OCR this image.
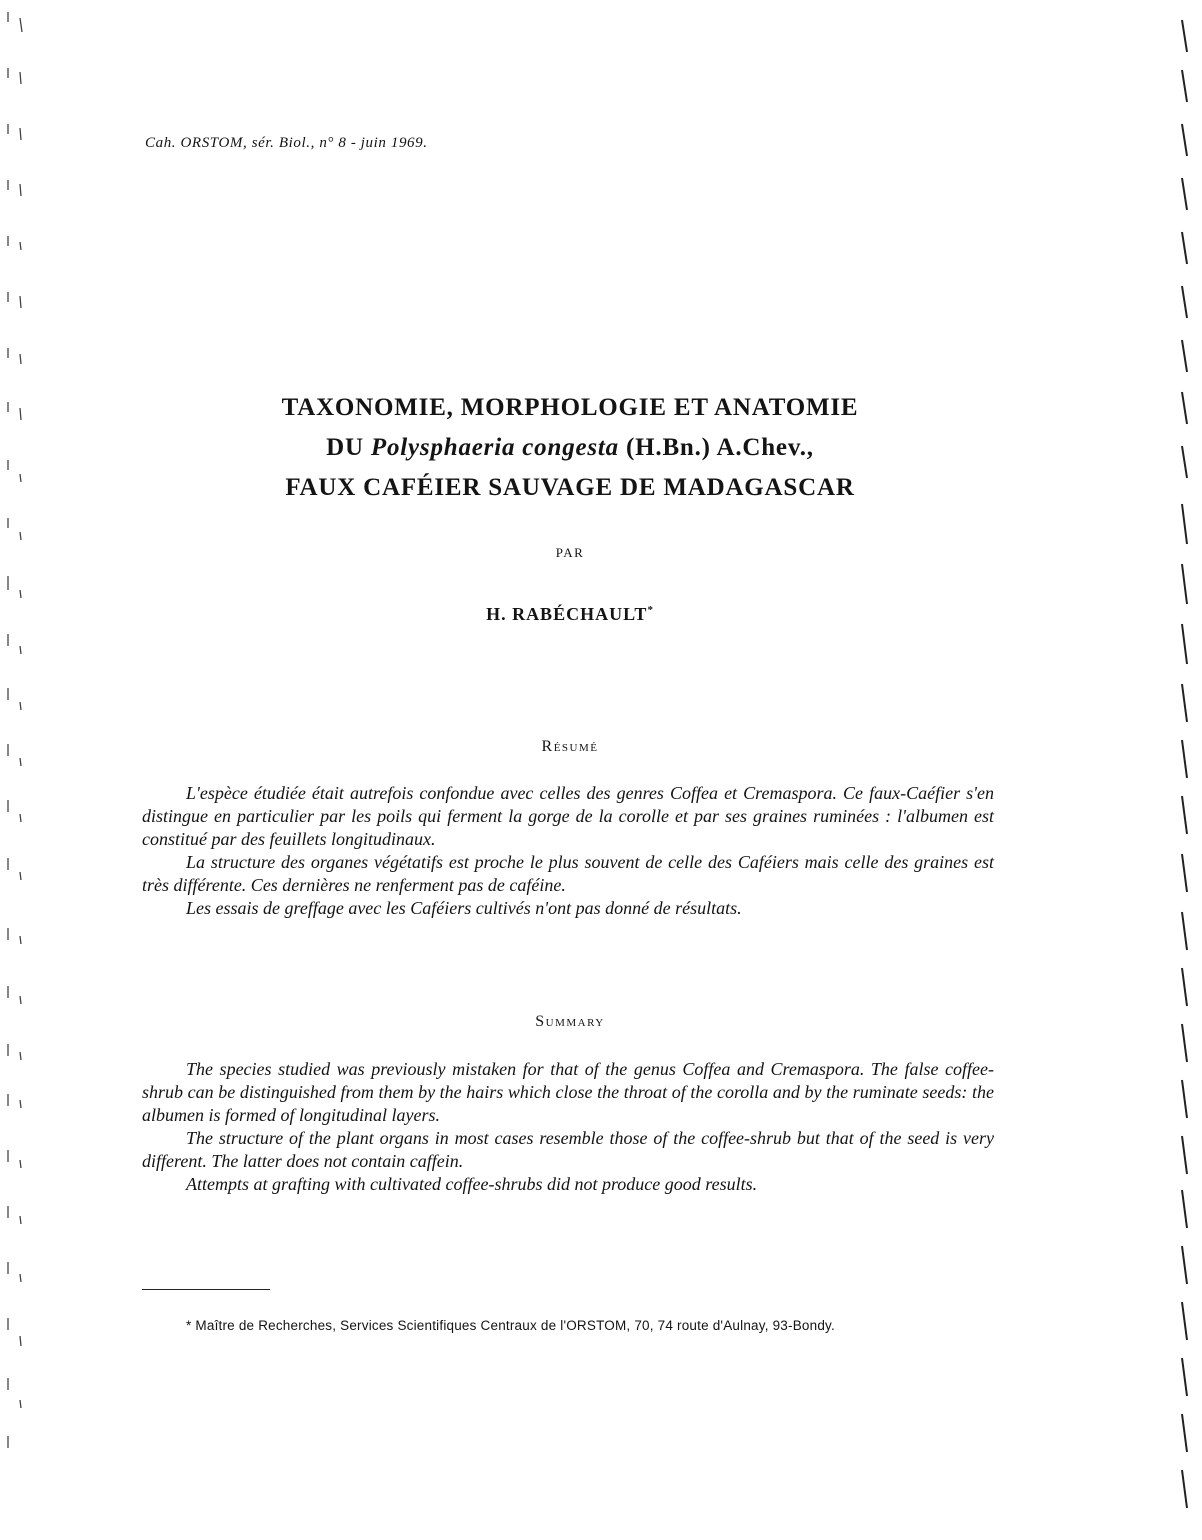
Cah. ORSTOM, sér. Biol., n° 8 - juin 1969.
TAXONOMIE, MORPHOLOGIE ET ANATOMIE
DU Polysphaeria congesta (H.Bn.) A.Chev.,
FAUX CAFÉIER SAUVAGE DE MADAGASCAR
PAR
H. RABÉCHAULT*
Résumé

L'espèce étudiée était autrefois confondue avec celles des genres Coffea et Cremaspora. Ce faux-Caéfier s'en distingue en particulier par les poils qui ferment la gorge de la corolle et par ses graines ruminées : l'albumen est constitué par des feuillets longitudinaux.

La structure des organes végétatifs est proche le plus souvent de celle des Caféiers mais celle des graines est très différente. Ces dernières ne renferment pas de caféine.

Les essais de greffage avec les Caféiers cultivés n'ont pas donné de résultats.

Summary

The species studied was previously mistaken for that of the genus Coffea and Cremaspora. The false coffee-shrub can be distinguished from them by the hairs which close the throat of the corolla and by the ruminate seeds: the albumen is formed of longitudinal layers.

The structure of the plant organs in most cases resemble those of the coffee-shrub but that of the seed is very different. The latter does not contain caffein.

Attempts at grafting with cultivated coffee-shrubs did not produce good results.

* Maître de Recherches, Services Scientifiques Centraux de l'ORSTOM, 70, 74 route d'Aulnay, 93-Bondy.
